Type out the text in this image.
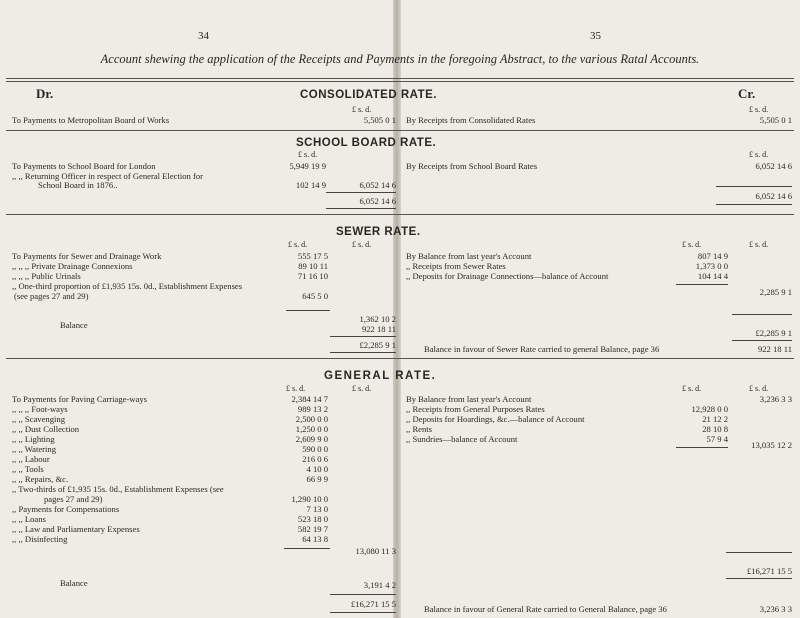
34	35
Account shewing the application of the Receipts and Payments in the foregoing Abstract, to the various Ratal Accounts.
Dr.	Cr.
CONSOLIDATED RATE.
£ s. d.	£ s. d.
To Payments to Metropolitan Board of Works	5,505 0 1 By Receipts from Consolidated Rates	5,505 0 1
SCHOOL BOARD RATE.
£ s. d.	£ s. d.
To Payments to School Board for London	5,949 19 9
,, ,, Returning Officer in respect of General Election for
School Board in 1876..	102 14 9	6,052 14 6
6,052 14 6
By Receipts from School Board Rates	6,052 14 6
6,052 14 6
SEWER RATE.
£ s. d.	£ s. d.	£ s. d.	£ s. d.
To Payments for Sewer and Drainage Work	555 17 5
,, ,, ,, Private Drainage Connexions	89 10 11
,, ,, ,, Public Urinals	71 16 10
,, One-third proportion of £1,935 15s. 0d., Establishment Expenses
(see pages 27 and 29)	645 5 0
1,362 10 2
Balance	922 18 11
£2,285 9 1
By Balance from last year's Account	807 14 9
,, Receipts from Sewer Rates	1,373 0 0
,, Deposits for Drainage Connections—balance of Account	104 14 4
2,285 9 1
£2,285 9 1
Balance in favour of Sewer Rate carried to general Balance, page 36	922 18 11
GENERAL RATE.
£ s. d.	£ s. d.	£ s. d.	£ s. d.
To Payments for Paving Carriage-ways	2,384 14 7
,, ,, ,, Foot-ways	989 13 2
,, ,, Scavenging	2,500 0 0
,, ,, Dust Collection	1,250 0 0
,, ,, Lighting	2,609 9 0
,, ,, Watering	590 0 0
,, ,, Labour	216 0 6
,, ,, Tools	4 10 0
,, ,, Repairs, &c.	66 9 9
,, Two-thirds of £1,935 15s. 0d., Establishment Expenses (see
pages 27 and 29)	1,290 10 0
,, Payments for Compensations	7 13 0
,, ,, Loans	523 18 0
,, ,, Law and Parliamentary Expenses	582 19 7
,, ,, Disinfecting	64 13 8
13,080 11 3
Balance	3,191 4 2
£16,271 15 5
By Balance from last year's Account	3,236 3 3
,, Receipts from General Purposes Rates	12,928 0 0
,, Deposits for Hoardings, &c.—balance of Account	21 12 2
,, Rents	28 10 8
,, Sundries—balance of Account	57 9 4
13,035 12 2
£16,271 15 5
Balance in favour of General Rate carried to General Balance, page 36	3,236 3 3
